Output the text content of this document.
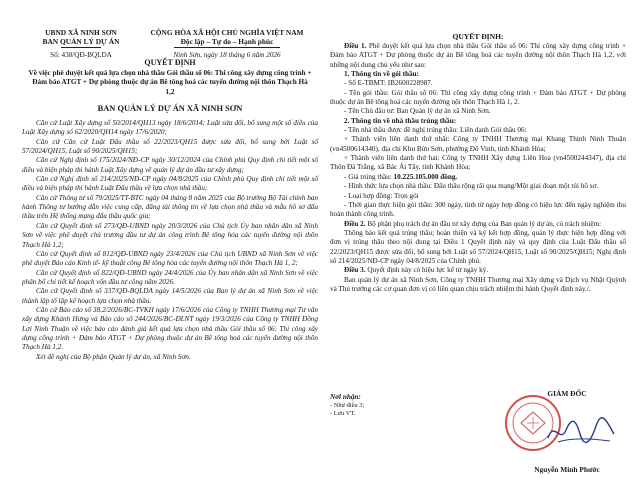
UBND XÃ NINH SƠN
BAN QUẢN LÝ DỰ ÁN
Số: 438/QĐ-BQLDA
CỘNG HÒA XÃ HỘI CHỦ NGHĨA VIỆT NAM
Độc lập – Tự do – Hạnh phúc
Ninh Sơn, ngày 18 tháng 6 năm 2026
QUYẾT ĐỊNH
Về việc phê duyệt kết quả lựa chọn nhà thầu Gói thầu số 06: Thi công xây dựng công trình + Đảm bảo ATGT + Dự phòng thuộc dự án Bê tông hoá các tuyến đường nội thôn Thạch Hà 1,2
BAN QUẢN LÝ DỰ ÁN XÃ NINH SƠN

Căn cứ Luật Xây dựng số 50/2014/QH13 ngày 18/6/2014; Luật sửa đổi, bổ sung một số điều của Luật Xây dựng số 62/2020/QH14 ngày 17/6/2020;

Căn cứ Căn cứ Luật Đấu thầu số 22/2023/QH15 được sửa đổi, bổ sung bởi Luật số 57/2024/QH15, Luật số 90/2025/QH15;

Căn cứ Nghị định số 175/2024/NĐ-CP ngày 30/12/2024 của Chính phủ Quy định chi tiết một số điều và biện pháp thi hành Luật Xây dựng về quản lý dự án đầu tư xây dựng;

Căn cứ Nghị định số 214/2025/NĐ-CP ngày 04/8/2025 của Chính phủ Quy định chi tiết một số điều và biện pháp thi hành Luật Đấu thầu về lựa chọn nhà thầu;

Căn cứ Thông tư số 79/2025/TT-BTC ngày 04 tháng 8 năm 2025 của Bộ trưởng Bộ Tài chính ban hành Thông tư hướng dẫn việc cung cấp, đăng tải thông tin về lựa chọn nhà thầu và mẫu hồ sơ đấu thầu trên Hệ thống mạng đấu thầu quốc gia;

Căn cứ Quyết định số 273/QĐ-UBND ngày 20/3/2026 của Chủ tịch Ủy ban nhân dân xã Ninh Sơn về việc phê duyệt chủ trương đầu tư dự án công trình Bê tông hóa các tuyến đường nội thôn Thạch Hà 1,2;

Căn cứ Quyết định số 812/QĐ-UBND ngày 23/4/2026 của Chủ tịch UBND xã Ninh Sơn về việc phê duyệt Báo cáo Kinh tế- kỹ thuật công Bê tông hóa các tuyến đường nội thôn Thạch Hà 1, 2;

Căn cứ Quyết định số 822/QĐ-UBND ngày 24/4/2026 của Ủy ban nhân dân xã Ninh Sơn về việc phân bổ chi tiết kế hoạch vốn đầu tư công năm 2026.

Căn cứ Quyết định số 337/QĐ-BQLDA ngày 14/5/2026 của Ban lý dự án xã Ninh Sơn về việc thành lập tổ lập kế hoạch lựa chọn nhà thầu.

Căn cứ Báo cáo số 38.2/2026/BC-TVKH ngày 17/6/2026 của Công ty TNHH Thương mại Tư vấn xây dựng Khánh Hưng và Báo cáo số 244/2026/BC-ĐLNT ngày 19/3/2026 của Công ty TNHH Đồng Lợi Ninh Thuận về việc báo cáo đánh giá kết quả lựa chọn nhà thầu Gói thầu số 06: Thi công xây dựng công trình + Đảm bảo ATGT + Dự phòng thuộc dự án Bê tông hoá các tuyến đường nội thôn Thạch Hà 1,2.

Xét đề nghị của Bộ phận Quản lý dự án, xã Ninh Sơn.

QUYẾT ĐỊNH:

Điều 1. Phê duyệt kết quả lựa chọn nhà thầu Gói thầu số 06: Thi công xây dựng công trình + Đảm bảo ATGT + Dự phòng thuộc dự án Bê tông hoá các tuyến đường nội thôn Thạch Hà 1,2, với những nội dung chủ yếu như sau:

1. Thông tin về gói thầu:

- Số E-TBMT: IB2600228987.

- Tên gói thầu: Gói thầu số 06: Thi công xây dựng công trình + Đảm bảo ATGT + Dự phòng thuộc dự án Bê tông hoá các tuyến đường nội thôn Thạch Hà 1, 2.

- Tên Chủ đầu tư: Ban Quản lý dự án xã Ninh Sơn.

2. Thông tin về nhà thầu trúng thầu:

- Tên nhà thầu được đề nghị trúng thầu: Liên danh Gói thầu 06:

+ Thành viên liên danh thứ nhất: Công ty TNHH Thương mại Khang Thịnh Ninh Thuận (vn4500614340), địa chỉ Khu Bửu Sơn, phường Đô Vinh, tỉnh Khánh Hòa;

+ Thành viên liên danh thứ hai: Công ty TNHH Xây dựng Liên Hoa (vn4500244347), địa chỉ Thôn Đá Trắng, xã Bác Ái Tây, tỉnh Khánh Hòa;

- Giá trúng thầu: 10.225.105.000 đồng.

- Hình thức lựa chọn nhà thầu: Đấu thầu rộng rãi qua mạng/Một giai đoạn một túi hồ sơ.

- Loại hợp đồng: Trọn gói

- Thời gian thực hiện gói thầu: 300 ngày, tính từ ngày hợp đồng có hiệu lực đến ngày nghiệm thu hoàn thành công trình.

Điều 2. Bộ phận phụ trách dự án đầu tư xây dựng của Ban quản lý dự án, có trách nhiệm:

Thông báo kết quả trúng thầu; hoàn thiện và ký kết hợp đồng, quản lý thực hiện hợp đồng với đơn vị trúng thầu theo nội dung tại Điều 1 Quyết định này và quy định của Luật Đấu thầu số 22/2023/QH15 được sửa đổi, bổ sung bởi Luật số 57/2024/QH15, Luật số 90/2025/QH15; Nghị định số 214/2025/NĐ-CP ngày 04/8/2025 của Chính phủ.

Điều 3. Quyết định này có hiệu lực kể từ ngày ký.

Ban quản lý dự án xã Ninh Sơn, Công ty TNHH Thương mại Xây dựng và Dịch vụ Nhật Quỳnh và Thủ trưởng các cơ quan đơn vị có liên quan chịu trách nhiệm thi hành Quyết định này./.

Nơi nhận:

- Như điều 3;

- Lưu VT.

GIÁM ĐỐC
Nguyễn Minh Phước
